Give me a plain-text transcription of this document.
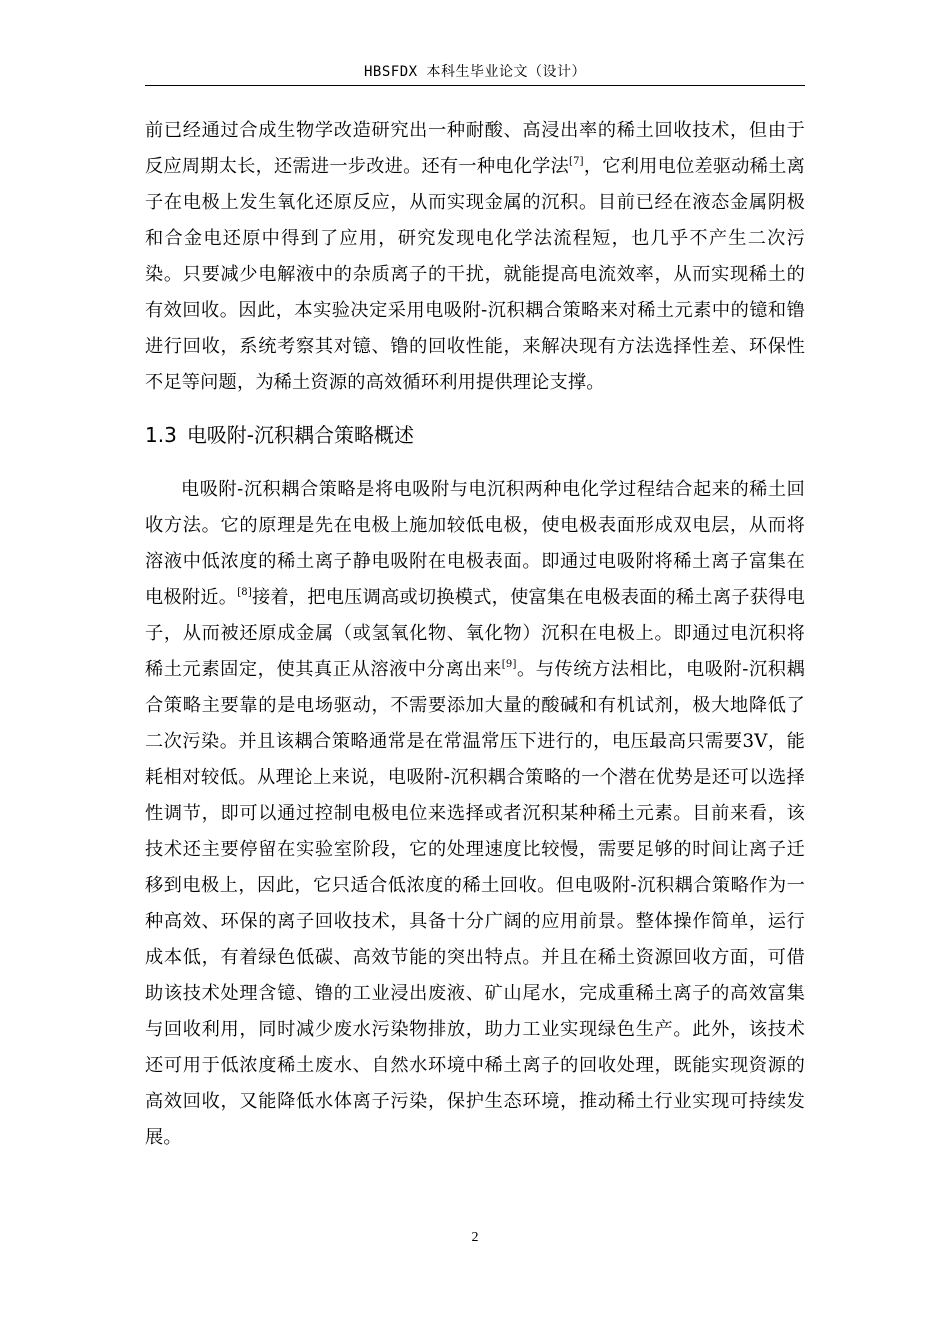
HBSFDX 本科生毕业论文（设计）
前已经通过合成生物学改造研究出一种耐酸、高浸出率的稀土回收技术，但由于反应周期太长，还需进一步改进。还有一种电化学法[7]，它利用电位差驱动稀土离子在电极上发生氧化还原反应，从而实现金属的沉积。目前已经在液态金属阴极和合金电还原中得到了应用，研究发现电化学法流程短，也几乎不产生二次污染。只要减少电解液中的杂质离子的干扰，就能提高电流效率，从而实现稀土的有效回收。因此，本实验决定采用电吸附-沉积耦合策略来对稀土元素中的镱和镥进行回收，系统考察其对镱、镥的回收性能，来解决现有方法选择性差、环保性不足等问题，为稀土资源的高效循环利用提供理论支撑。
1.3 电吸附-沉积耦合策略概述
电吸附-沉积耦合策略是将电吸附与电沉积两种电化学过程结合起来的稀土回收方法。它的原理是先在电极上施加较低电极，使电极表面形成双电层，从而将溶液中低浓度的稀土离子静电吸附在电极表面。即通过电吸附将稀土离子富集在电极附近。[8]接着，把电压调高或切换模式，使富集在电极表面的稀土离子获得电子，从而被还原成金属（或氢氧化物、氧化物）沉积在电极上。即通过电沉积将稀土元素固定，使其真正从溶液中分离出来[9]。与传统方法相比，电吸附-沉积耦合策略主要靠的是电场驱动，不需要添加大量的酸碱和有机试剂，极大地降低了二次污染。并且该耦合策略通常是在常温常压下进行的，电压最高只需要3V，能耗相对较低。从理论上来说，电吸附-沉积耦合策略的一个潜在优势是还可以选择性调节，即可以通过控制电极电位来选择或者沉积某种稀土元素。目前来看，该技术还主要停留在实验室阶段，它的处理速度比较慢，需要足够的时间让离子迁移到电极上，因此，它只适合低浓度的稀土回收。但电吸附-沉积耦合策略作为一种高效、环保的离子回收技术，具备十分广阔的应用前景。整体操作简单，运行成本低，有着绿色低碳、高效节能的突出特点。并且在稀土资源回收方面，可借助该技术处理含镱、镥的工业浸出废液、矿山尾水，完成重稀土离子的高效富集与回收利用，同时减少废水污染物排放，助力工业实现绿色生产。此外，该技术还可用于低浓度稀土废水、自然水环境中稀土离子的回收处理，既能实现资源的高效回收，又能降低水体离子污染，保护生态环境，推动稀土行业实现可持续发展。
2
